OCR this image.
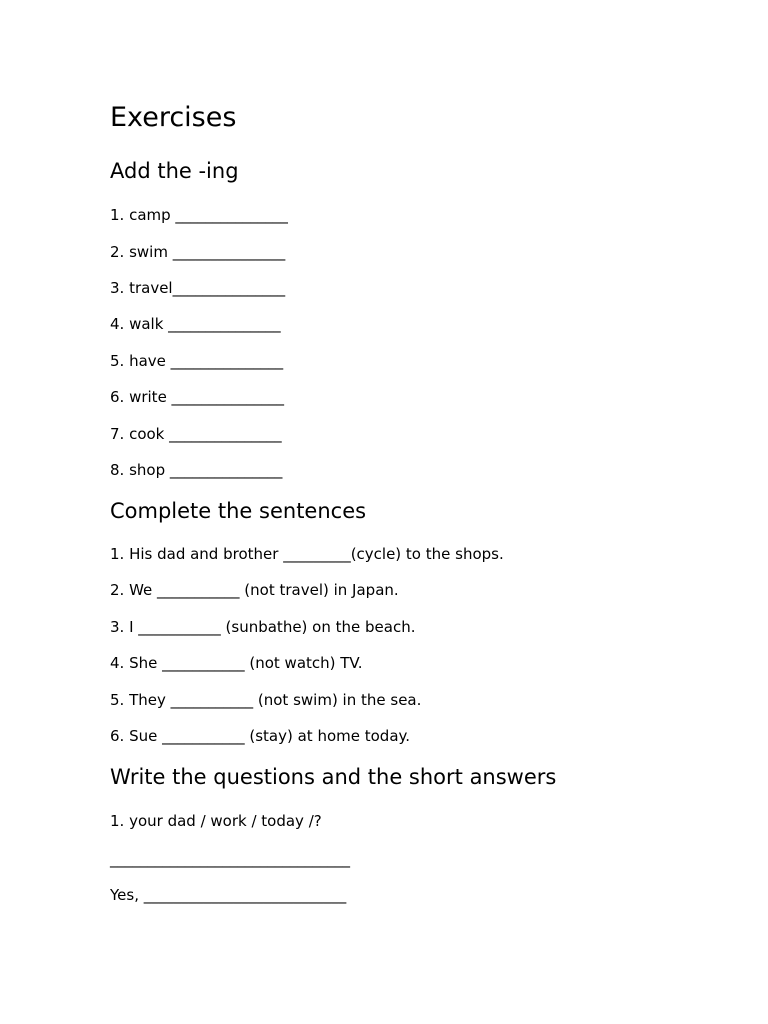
Exercises
Add the -ing
1. camp _______________
2. swim _______________
3. travel_______________
4. walk _______________
5. have _______________
6. write _______________
7. cook _______________
8. shop _______________
Complete the sentences
1. His dad and brother _________(cycle) to the shops.
2. We ___________ (not travel) in Japan.
3. I ___________ (sunbathe) on the beach.
4. She ___________ (not watch) TV.
5. They ___________ (not swim) in the sea.
6. Sue ___________ (stay) at home today.
Write the questions and the short answers
1. your dad / work / today /?
________________________________
Yes, ___________________________
